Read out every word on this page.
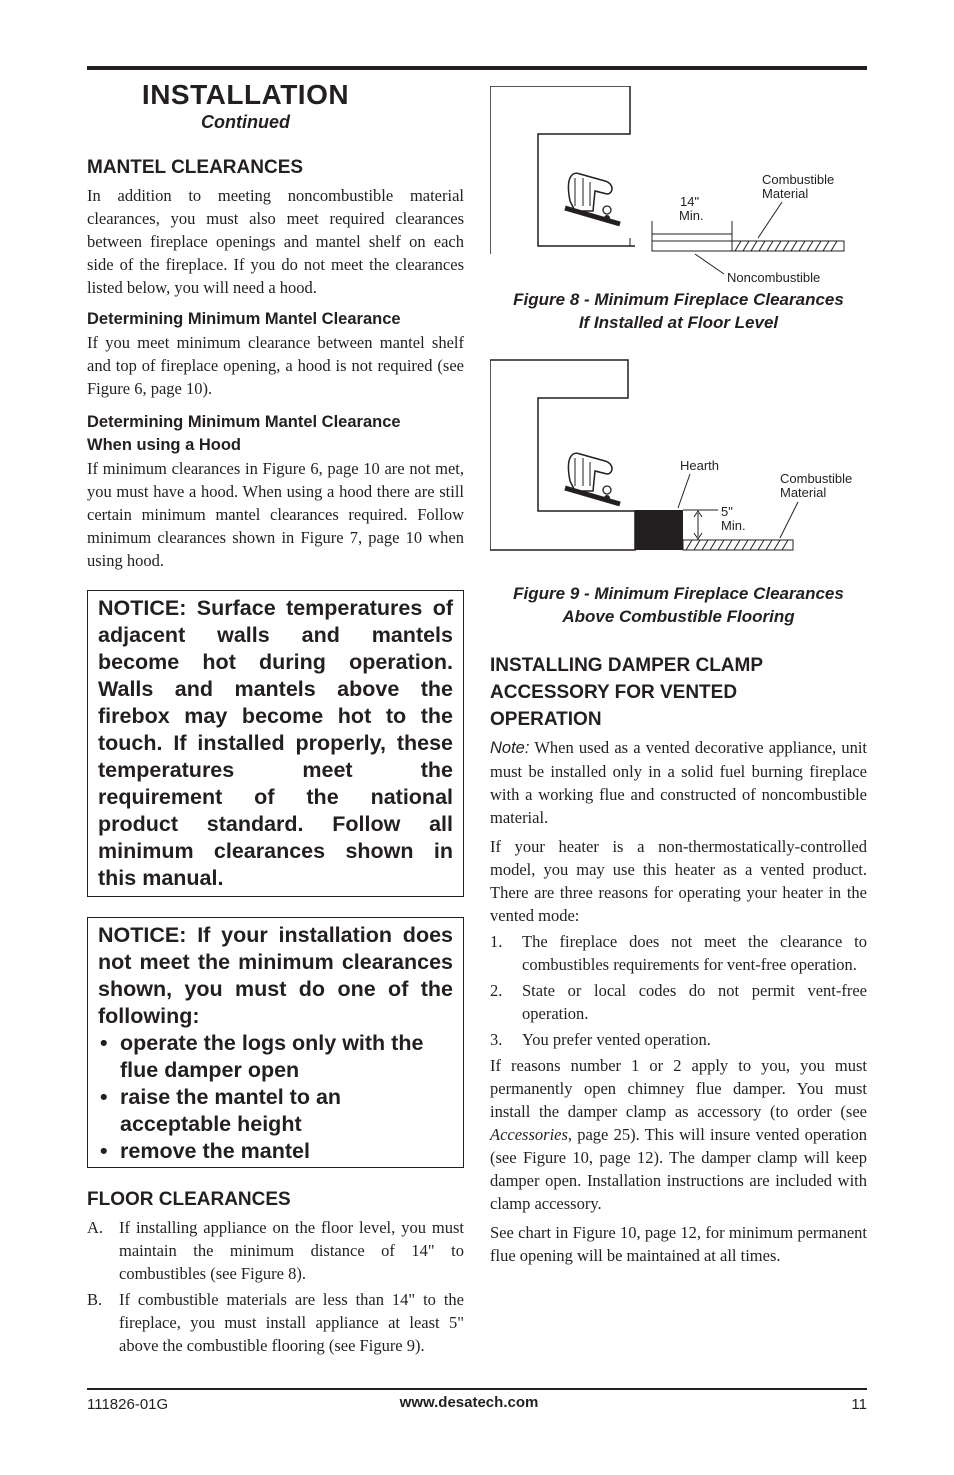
INSTALLATION
Continued
MANTEL CLEARANCES

In addition to meeting noncombustible material clearances, you must also meet required clearances between fireplace openings and mantel shelf on each side of the fireplace. If you do not meet the clearances listed below, you will need a hood.

Determining Minimum Mantel Clearance

If you meet minimum clearance between mantel shelf and top of fireplace opening, a hood is not required (see Figure 6, page 10).

Determining Minimum Mantel Clearance
When using a Hood

If minimum clearances in Figure 6, page 10 are not met, you must have a hood. When using a hood there are still certain minimum mantel clearances required. Follow minimum clearances shown in Figure 7, page 10 when using hood.

NOTICE: Surface temperatures of adjacent walls and mantels become hot during operation. Walls and mantels above the firebox may become hot to the touch. If installed properly, these temperatures meet the requirement of the national product standard. Follow all minimum clearances shown in this manual.
NOTICE: If your installation does not meet the minimum clearances shown, you must do one of the following:
• operate the logs only with the flue damper open
• raise the mantel to an acceptable height
• remove the mantel
FLOOR CLEARANCES
A. If installing appliance on the floor level, you must maintain the minimum distance of 14" to combustibles (see Figure 8).
B. If combustible materials are less than 14" to the fireplace, you must install appliance at least 5" above the combustible flooring (see Figure 9).
14"
Min.
Combustible
Material
Noncombustible
Figure 8 - Minimum Fireplace Clearances
If Installed at Floor Level
5"
Min.
Hearth
Combustible
Material
Figure 9 - Minimum Fireplace Clearances
Above Combustible Flooring
INSTALLING DAMPER CLAMP
ACCESSORY FOR VENTED
OPERATION

Note: When used as a vented decorative appliance, unit must be installed only in a solid fuel burning fireplace with a working flue and constructed of noncombustible material.

If your heater is a non-thermostatically-controlled model, you may use this heater as a vented product. There are three reasons for operating your heater in the vented mode:

1. The fireplace does not meet the clearance to combustibles requirements for vent-free operation.
2. State or local codes do not permit vent-free operation.
3. You prefer vented operation.

If reasons number 1 or 2 apply to you, you must permanently open chimney flue damper. You must install the damper clamp as accessory (to order (see Accessories, page 25). This will insure vented operation (see Figure 10, page 12). The damper clamp will keep damper open. Installation instructions are included with clamp accessory.

See chart in Figure 10, page 12, for minimum permanent flue opening will be maintained at all times.

111826-01G	www.desatech.com	11
